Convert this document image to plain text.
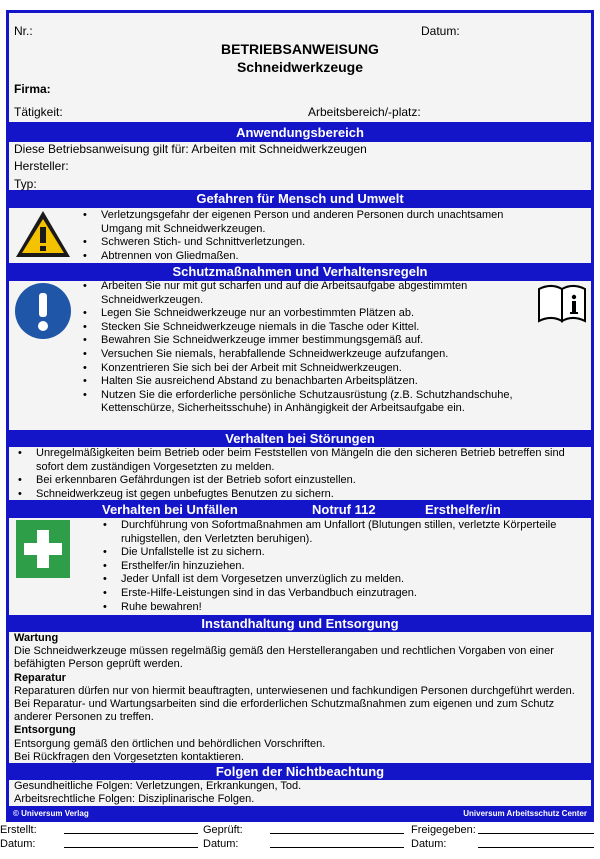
Nr.:	Datum:
BETRIEBSANWEISUNG
Schneidwerkzeuge
Firma:
Tätigkeit:	Arbeitsbereich/-platz:
Anwendungsbereich
Diese Betriebsanweisung gilt für: Arbeiten mit Schneidwerkzeugen
Hersteller:
Typ:
Gefahren für Mensch und Umwelt
• Verletzungsgefahr der eigenen Person und anderen Personen durch unachtsamen Umgang mit Schneidwerkzeugen.
• Schweren Stich- und Schnittverletzungen.
• Abtrennen von Gliedmaßen.
Schutzmaßnahmen und Verhaltensregeln
• Arbeiten Sie nur mit gut scharfen und auf die Arbeitsaufgabe abgestimmten Schneidwerkzeugen.
• Legen Sie Schneidwerkzeuge nur an vorbestimmten Plätzen ab.
• Stecken Sie Schneidwerkzeuge niemals in die Tasche oder Kittel.
• Bewahren Sie Schneidwerkzeuge immer bestimmungsgemäß auf.
• Versuchen Sie niemals, herabfallende Schneidwerkzeuge aufzufangen.
• Konzentrieren Sie sich bei der Arbeit mit Schneidwerkzeugen.
• Halten Sie ausreichend Abstand zu benachbarten Arbeitsplätzen.
• Nutzen Sie die erforderliche persönliche Schutzausrüstung (z.B. Schutzhandschuhe, Kettenschürze, Sicherheitsschuhe) in Anhängigkeit der Arbeitsaufgabe ein.
Verhalten bei Störungen
• Unregelmäßigkeiten beim Betrieb oder beim Feststellen von Mängeln die den sicheren Betrieb betreffen sind sofort dem zuständigen Vorgesetzten zu melden.
• Bei erkennbaren Gefährdungen ist der Betrieb sofort einzustellen.
• Schneidwerkzeug ist gegen unbefugtes Benutzen zu sichern.
Verhalten bei Unfällen	Notruf 112	Ersthelfer/in
• Durchführung von Sofortmaßnahmen am Unfallort (Blutungen stillen, verletzte Körperteile ruhigstellen, den Verletzten beruhigen).
• Die Unfallstelle ist zu sichern.
• Ersthelfer/in hinzuziehen.
• Jeder Unfall ist dem Vorgesetzen unverzüglich zu melden.
• Erste-Hilfe-Leistungen sind in das Verbandbuch einzutragen.
• Ruhe bewahren!
Instandhaltung und Entsorgung
Wartung
Die Schneidwerkzeuge müssen regelmäßig gemäß den Herstellerangaben und rechtlichen Vorgaben von einer befähigten Person geprüft werden.
Reparatur
Reparaturen dürfen nur von hiermit beauftragten, unterwiesenen und fachkundigen Personen durchgeführt werden. Bei Reparatur- und Wartungsarbeiten sind die erforderlichen Schutzmaßnahmen zum eigenen und zum Schutz anderer Personen zu treffen.
Entsorgung
Entsorgung gemäß den örtlichen und behördlichen Vorschriften.
Bei Rückfragen den Vorgesetzten kontaktieren.
Folgen der Nichtbeachtung
Gesundheitliche Folgen: Verletzungen, Erkrankungen, Tod.
Arbeitsrechtliche Folgen: Disziplinarische Folgen.
© Universum Verlag	Universum Arbeitsschutz Center
Erstellt:	Geprüft:	Freigegeben:
Datum:	Datum:	Datum:
